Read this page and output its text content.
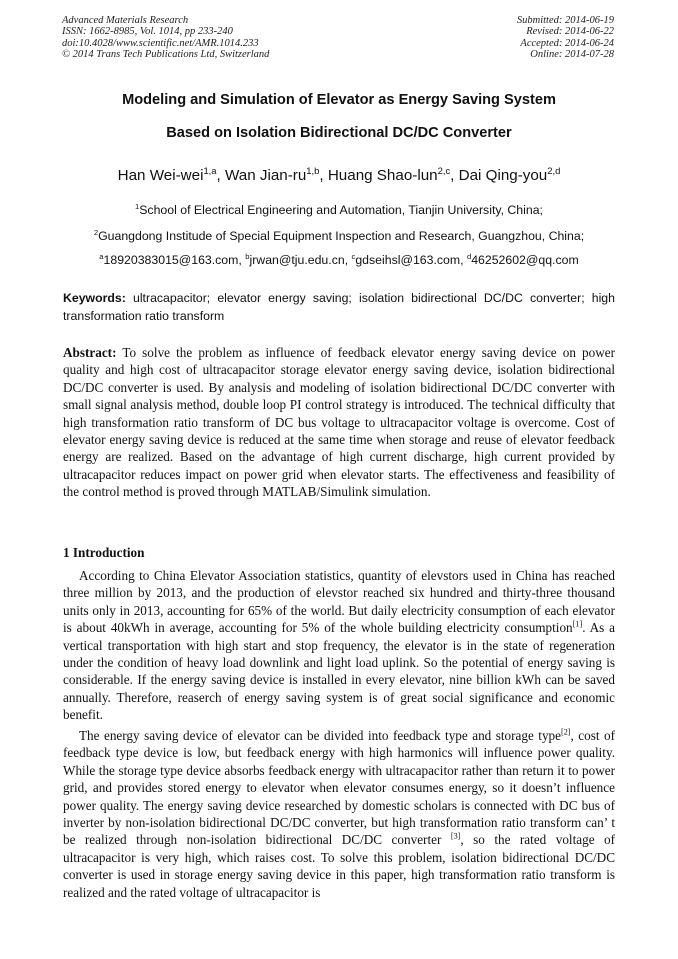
Advanced Materials Research
ISSN: 1662-8985, Vol. 1014, pp 233-240
doi:10.4028/www.scientific.net/AMR.1014.233
© 2014 Trans Tech Publications Ltd, Switzerland
Submitted: 2014-06-19
Revised: 2014-06-22
Accepted: 2014-06-24
Online: 2014-07-28
Modeling and Simulation of Elevator as Energy Saving System
Based on Isolation Bidirectional DC/DC Converter
Han Wei-wei$^{1,a}$, Wan Jian-ru$^{1,b}$, Huang Shao-lun$^{2,c}$, Dai Qing-you$^{2,d}$
$^1$School of Electrical Engineering and Automation, Tianjin University, China;
$^2$Guangdong Institude of Special Equipment Inspection and Research, Guangzhou, China;
$^a$18920383015@163.com, $^b$jrwan@tju.edu.cn, $^c$gdseihsl@163.com, $^d$46252602@qq.com
Keywords: ultracapacitor; elevator energy saving; isolation bidirectional DC/DC converter; high transformation ratio transform
Abstract: To solve the problem as influence of feedback elevator energy saving device on power quality and high cost of ultracapacitor storage elevator energy saving device, isolation bidirectional DC/DC converter is used. By analysis and modeling of isolation bidirectional DC/DC converter with small signal analysis method, double loop PI control strategy is introduced. The technical difficulty that high transformation ratio transform of DC bus voltage to ultracapacitor voltage is overcome. Cost of elevator energy saving device is reduced at the same time when storage and reuse of elevator feedback energy are realized. Based on the advantage of high current discharge, high current provided by ultracapacitor reduces impact on power grid when elevator starts. The effectiveness and feasibility of the control method is proved through MATLAB/Simulink simulation.
1 Introduction
According to China Elevator Association statistics, quantity of elevstors used in China has reached three million by 2013, and the production of elevstor reached six hundred and thirty-three thousand units only in 2013, accounting for 65% of the world. But daily electricity consumption of each elevator is about 40kWh in average, accounting for 5% of the whole building electricity consumption[1]. As a vertical transportation with high start and stop frequency, the elevator is in the state of regeneration under the condition of heavy load downlink and light load uplink. So the potential of energy saving is considerable. If the energy saving device is installed in every elevator, nine billion kWh can be saved annually. Therefore, reaserch of energy saving system is of great social significance and economic benefit.
The energy saving device of elevator can be divided into feedback type and storage type[2], cost of feedback type device is low, but feedback energy with high harmonics will influence power quality. While the storage type device absorbs feedback energy with ultracapacitor rather than return it to power grid, and provides stored energy to elevator when elevator consumes energy, so it doesn’t influence power quality. The energy saving device researched by domestic scholars is connected with DC bus of inverter by non-isolation bidirectional DC/DC converter, but high transformation ratio transform can’ t be realized through non-isolation bidirectional DC/DC converter [3], so the rated voltage of ultracapacitor is very high, which raises cost. To solve this problem, isolation bidirectional DC/DC converter is used in storage energy saving device in this paper, high transformation ratio transform is realized and the rated voltage of ultracapacitor is
